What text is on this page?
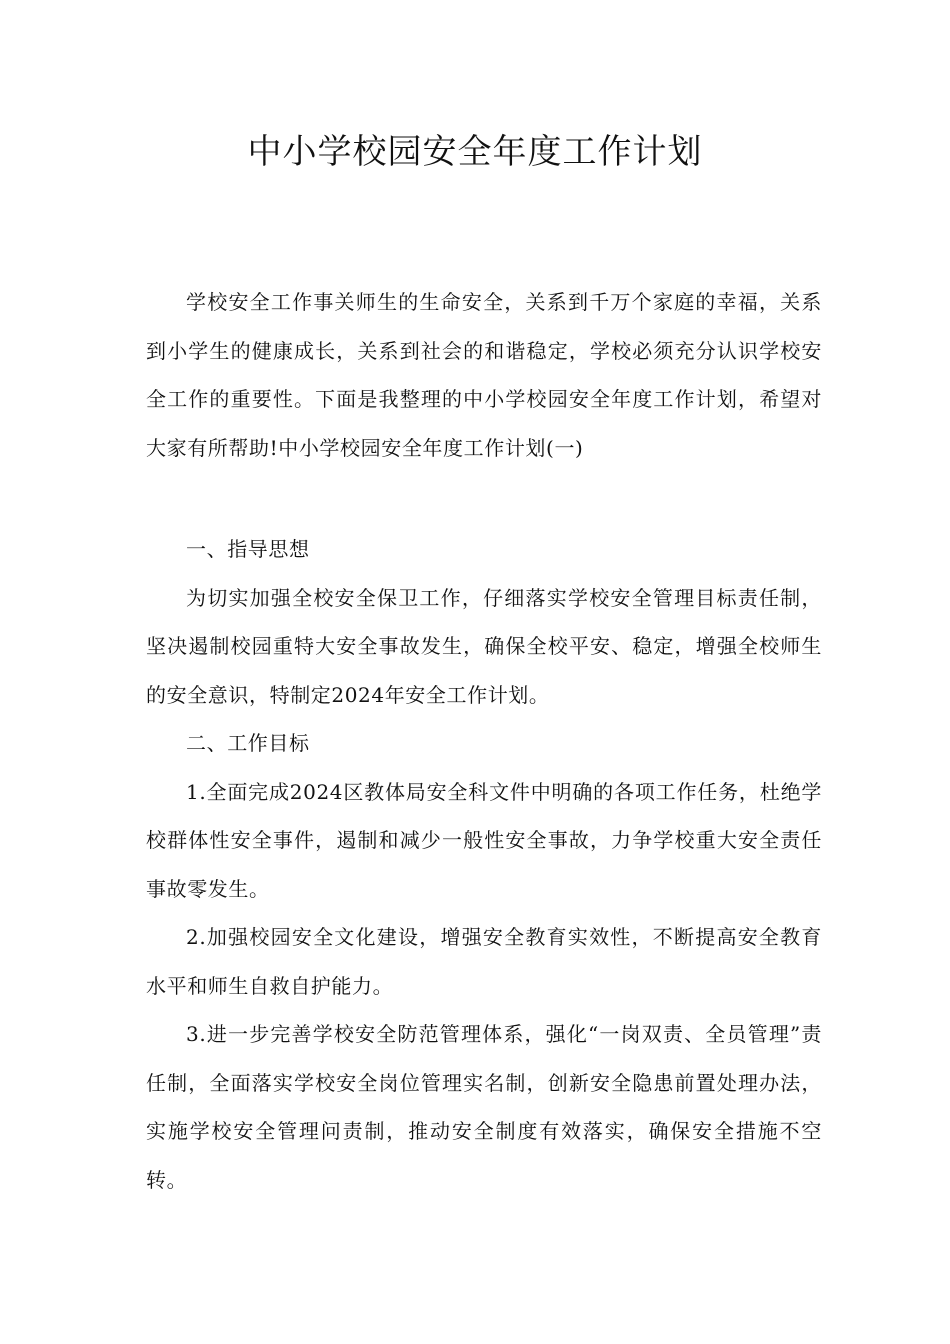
中小学校园安全年度工作计划

学校安全工作事关师生的生命安全，关系到千万个家庭的幸福，关系到小学生的健康成长，关系到社会的和谐稳定，学校必须充分认识学校安全工作的重要性。下面是我整理的中小学校园安全年度工作计划，希望对大家有所帮助!中小学校园安全年度工作计划(一)

一、指导思想

为切实加强全校安全保卫工作，仔细落实学校安全管理目标责任制，坚决遏制校园重特大安全事故发生，确保全校平安、稳定，增强全校师生的安全意识，特制定2024年安全工作计划。

二、工作目标

1.全面完成2024区教体局安全科文件中明确的各项工作任务，杜绝学校群体性安全事件，遏制和减少一般性安全事故，力争学校重大安全责任事故零发生。

2.加强校园安全文化建设，增强安全教育实效性，不断提高安全教育水平和师生自救自护能力。

3.进一步完善学校安全防范管理体系，强化“一岗双责、全员管理”责任制，全面落实学校安全岗位管理实名制，创新安全隐患前置处理办法，实施学校安全管理问责制，推动安全制度有效落实，确保安全措施不空转。
